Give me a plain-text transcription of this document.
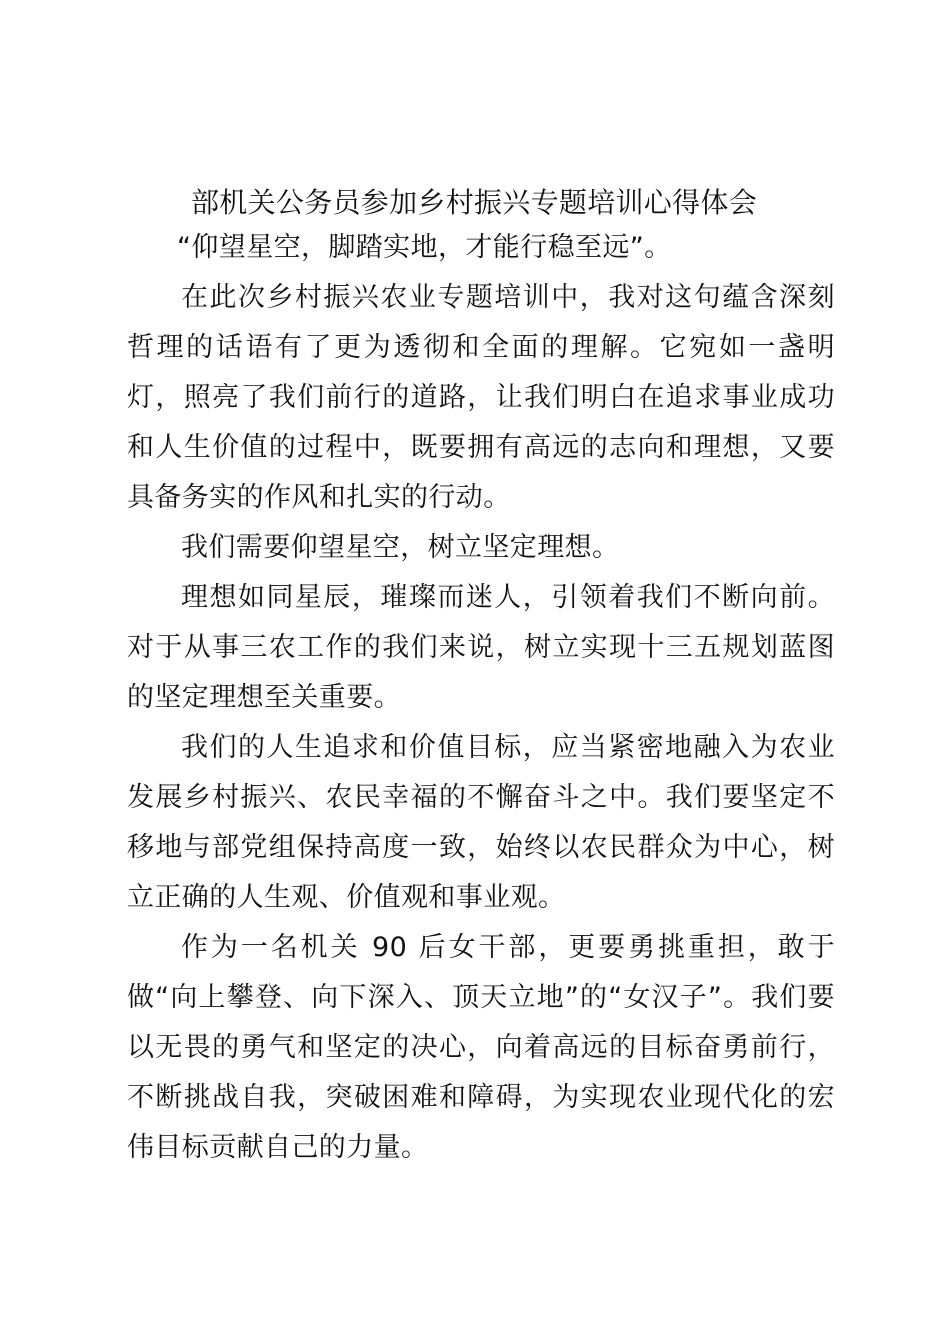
部机关公务员参加乡村振兴专题培训心得体会

“仰望星空，脚踏实地，才能行稳至远”。

在此次乡村振兴农业专题培训中，我对这句蕴含深刻哲理的话语有了更为透彻和全面的理解。它宛如一盏明灯，照亮了我们前行的道路，让我们明白在追求事业成功和人生价值的过程中，既要拥有高远的志向和理想，又要具备务实的作风和扎实的行动。

我们需要仰望星空，树立坚定理想。

理想如同星辰，璀璨而迷人，引领着我们不断向前。对于从事三农工作的我们来说，树立实现十三五规划蓝图的坚定理想至关重要。

我们的人生追求和价值目标，应当紧密地融入为农业发展乡村振兴、农民幸福的不懈奋斗之中。我们要坚定不移地与部党组保持高度一致，始终以农民群众为中心，树立正确的人生观、价值观和事业观。

作为一名机关 90 后女干部，更要勇挑重担，敢于做“向上攀登、向下深入、顶天立地”的“女汉子”。我们要以无畏的勇气和坚定的决心，向着高远的目标奋勇前行，不断挑战自我，突破困难和障碍，为实现农业现代化的宏伟目标贡献自己的力量。
